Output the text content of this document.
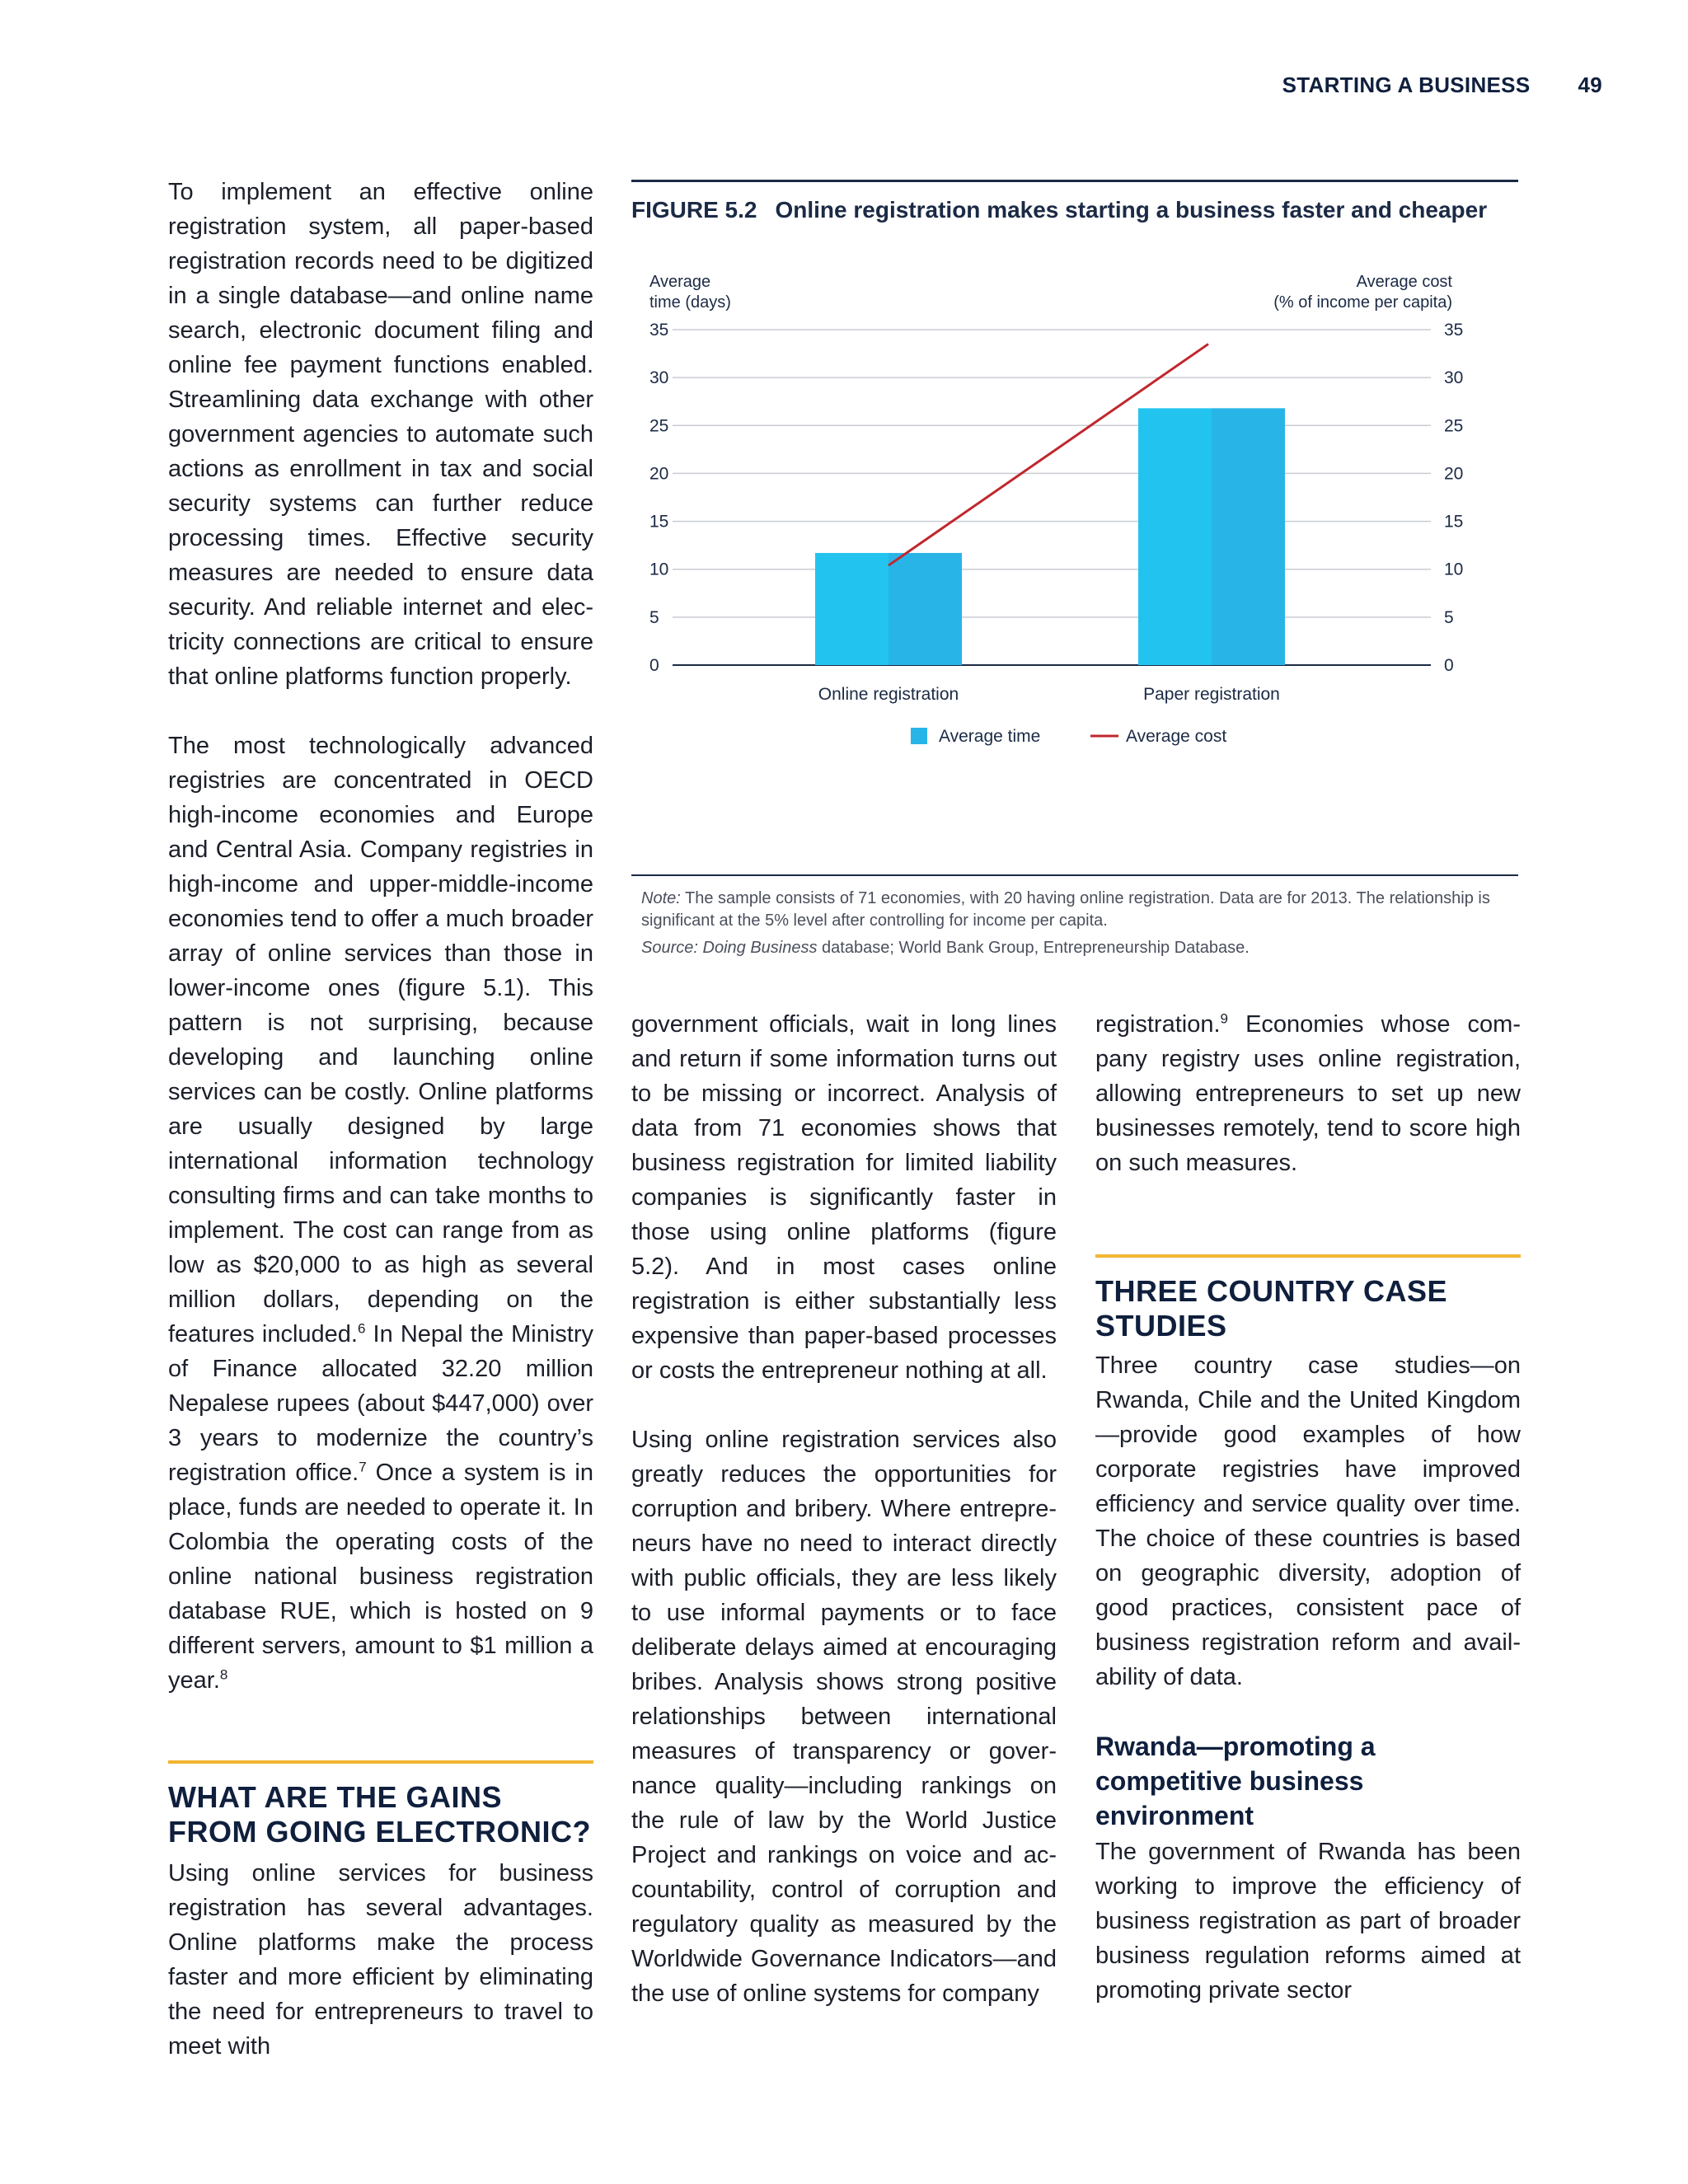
STARTING A BUSINESS 49

To implement an effective online registration system, all paper-based registration records need to be digitized in a single database—and online name search, electronic document filing and online fee payment functions enabled. Streamlining data exchange with other government agencies to automate such actions as enrollment in tax and social security systems can further reduce processing times. Effective security measures are needed to ensure data security. And reliable internet and electricity connections are critical to ensure that online platforms function properly.

The most technologically advanced registries are concentrated in OECD high-income economies and Europe and Central Asia. Company registries in high-income and upper-middle-income economies tend to offer a much broader array of online services than those in lower-income ones (figure 5.1). This pattern is not surprising, because developing and launching online services can be costly. Online platforms are usually designed by large international information technology consulting firms and can take months to implement. The cost can range from as low as $20,000 to as high as several million dollars, depending on the features included.$^6$ In Nepal the Ministry of Finance allocated 32.20 million Nepalese rupees (about $447,000) over 3 years to modernize the country’s registration office.$^7$ Once a system is in place, funds are needed to operate it. In Colombia the operating costs of the online national business registration database RUE, which is hosted on 9 different servers, amount to $1 million a year.$^8$

WHAT ARE THE GAINS FROM GOING ELECTRONIC?

Using online services for business registration has several advantages. Online platforms make the process faster and more efficient by eliminating the need for entrepreneurs to travel to meet with

FIGURE 5.2 Online registration makes starting a business faster and cheaper
Average
time (days)
Average cost
(% of income per capita)
0	0
5	5
10	10
15	15
20	20
25	25
30	30
35	35
Online registration	Paper registration
Average time	Average cost
Note: The sample consists of 71 economies, with 20 having online registration. Data are for 2013. The relationship is significant at the 5% level after controlling for income per capita.
Source: Doing Business database; World Bank Group, Entrepreneurship Database.

government officials, wait in long lines and return if some information turns out to be missing or incorrect. Analysis of data from 71 economies shows that business registration for limited liability companies is significantly faster in those using online platforms (figure 5.2). And in most cases online registration is either substantially less expensive than paper-based processes or costs the entrepreneur nothing at all.

Using online registration services also greatly reduces the opportunities for corruption and bribery. Where entrepreneurs have no need to interact directly with public officials, they are less likely to use informal payments or to face deliberate delays aimed at encouraging bribes. Analysis shows strong positive relationships between international measures of transparency or governance quality—including rankings on the rule of law by the World Justice Project and rankings on voice and accountability, control of corruption and regulatory quality as measured by the Worldwide Governance Indicators—and the use of online systems for company

registration.$^9$ Economies whose company registry uses online registration, allowing entrepreneurs to set up new businesses remotely, tend to score high on such measures.

THREE COUNTRY CASE STUDIES

Three country case studies—on Rwanda, Chile and the United Kingdom—provide good examples of how corporate registries have improved efficiency and service quality over time. The choice of these countries is based on geographic diversity, adoption of good practices, consistent pace of business registration reform and availability of data.

Rwanda—promoting a competitive business environment

The government of Rwanda has been working to improve the efficiency of business registration as part of broader business regulation reforms aimed at promoting private sector
